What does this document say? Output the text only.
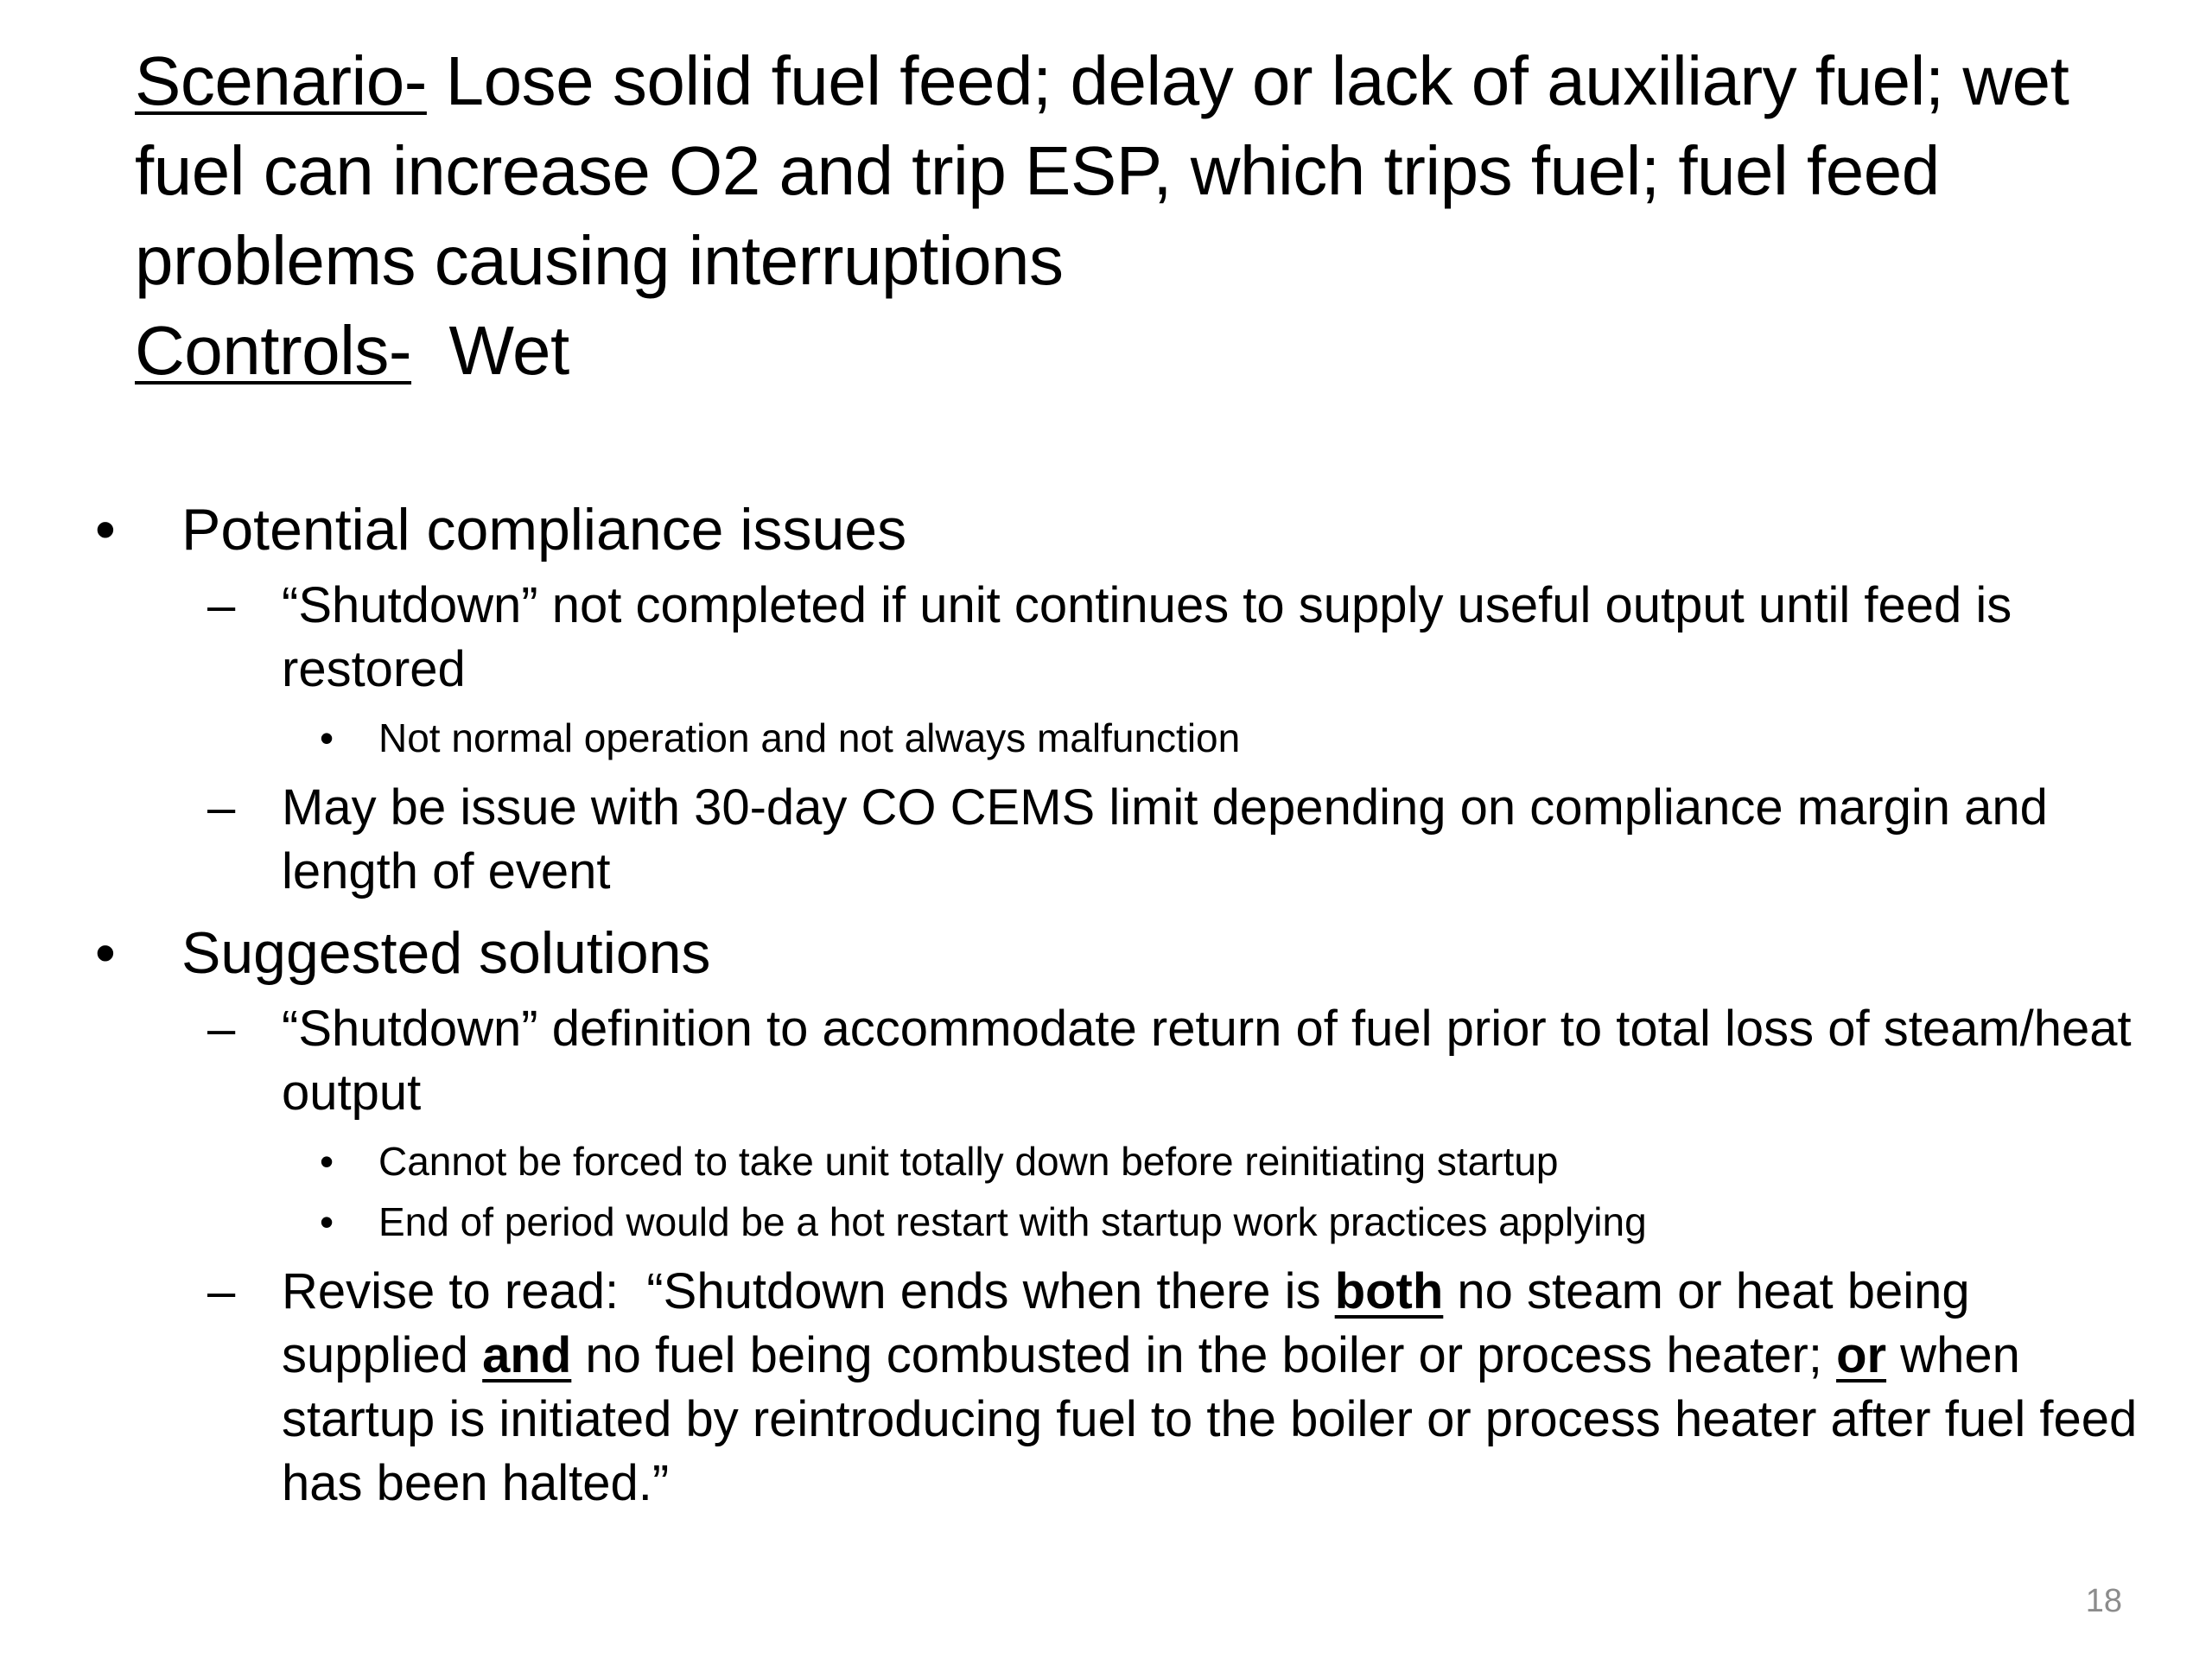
Scenario- Lose solid fuel feed; delay or lack of auxiliary fuel; wet
fuel can increase O2 and trip ESP, which trips fuel; fuel feed
problems causing interruptions
Controls-  Wet
• Potential compliance issues
– “Shutdown” not completed if unit continues to supply useful output until feed is restored
• Not normal operation and not always malfunction
– May be issue with 30-day CO CEMS limit depending on compliance margin and length of event
• Suggested solutions
– “Shutdown” definition to accommodate return of fuel prior to total loss of steam/heat output
• Cannot be forced to take unit totally down before reinitiating startup
• End of period would be a hot restart with startup work practices applying
– Revise to read:  “Shutdown ends when there is both no steam or heat being supplied and no fuel being combusted in the boiler or process heater; or when startup is initiated by reintroducing fuel to the boiler or process heater after fuel feed has been halted.”
18
